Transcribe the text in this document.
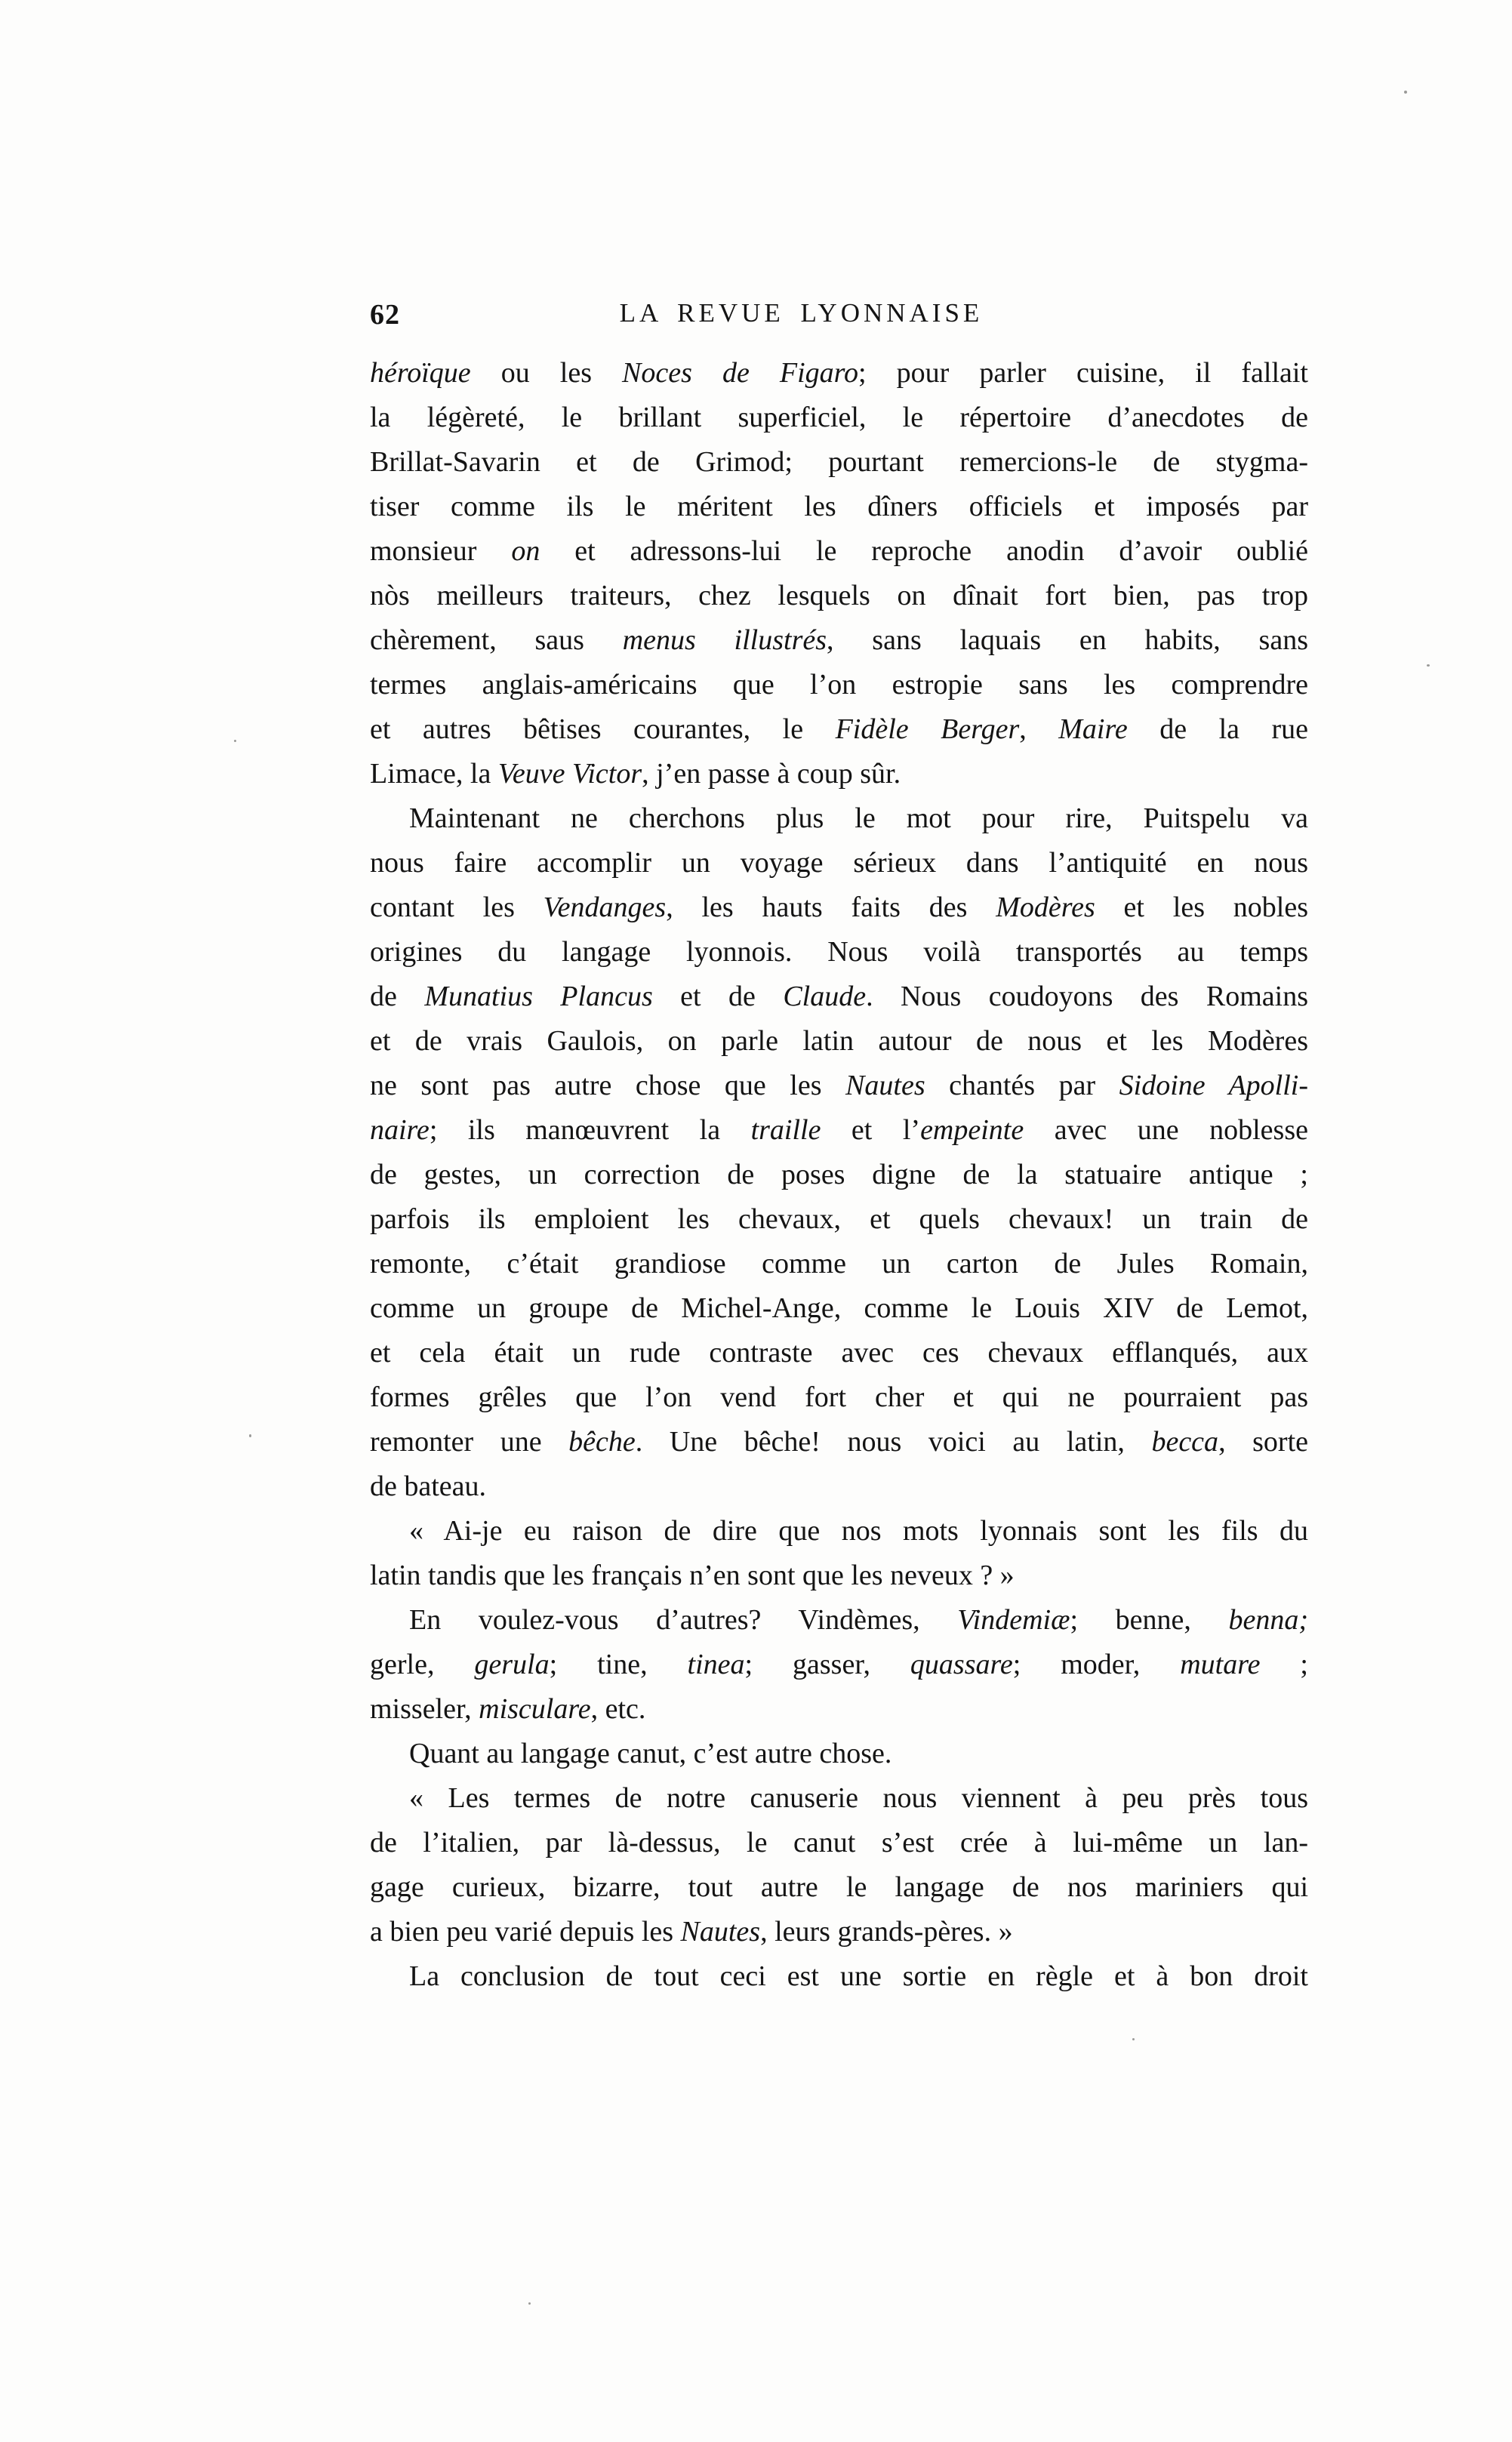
62	LA REVUE LYONNAISE
héroïque ou les Noces de Figaro; pour parler cuisine, il fallait
la légèreté, le brillant superficiel, le répertoire d’anecdotes de
Brillat-Savarin et de Grimod; pourtant remercions-le de stygma-
tiser comme ils le méritent les dîners officiels et imposés par
monsieur on et adressons-lui le reproche anodin d’avoir oublié
nòs meilleurs traiteurs, chez lesquels on dînait fort bien, pas trop
chèrement, saus menus illustrés, sans laquais en habits, sans
termes anglais-américains que l’on estropie sans les comprendre
et autres bêtises courantes, le Fidèle Berger, Maire de la rue
Limace, la Veuve Victor, j’en passe à coup sûr.
Maintenant ne cherchons plus le mot pour rire, Puitspelu va
nous faire accomplir un voyage sérieux dans l’antiquité en nous
contant les Vendanges, les hauts faits des Modères et les nobles
origines du langage lyonnois. Nous voilà transportés au temps
de Munatius Plancus et de Claude. Nous coudoyons des Romains
et de vrais Gaulois, on parle latin autour de nous et les Modères
ne sont pas autre chose que les Nautes chantés par Sidoine Apolli-
naire; ils manœuvrent la traille et l’empeinte avec une noblesse
de gestes, un correction de poses digne de la statuaire antique ;
parfois ils emploient les chevaux, et quels chevaux! un train de
remonte, c’était grandiose comme un carton de Jules Romain,
comme un groupe de Michel-Ange, comme le Louis XIV de Lemot,
et cela était un rude contraste avec ces chevaux efflanqués, aux
formes grêles que l’on vend fort cher et qui ne pourraient pas
remonter une bêche. Une bêche! nous voici au latin, becca, sorte
de bateau.
« Ai-je eu raison de dire que nos mots lyonnais sont les fils du
latin tandis que les français n’en sont que les neveux ? »
En voulez-vous d’autres? Vindèmes, Vindemiæ; benne, benna;
gerle, gerula; tine, tinea; gasser, quassare; moder, mutare ;
misseler, misculare, etc.
Quant au langage canut, c’est autre chose.
« Les termes de notre canuserie nous viennent à peu près tous
de l’italien, par là-dessus, le canut s’est crée à lui-même un lan-
gage curieux, bizarre, tout autre le langage de nos mariniers qui
a bien peu varié depuis les Nautes, leurs grands-pères. »
La conclusion de tout ceci est une sortie en règle et à bon droit
